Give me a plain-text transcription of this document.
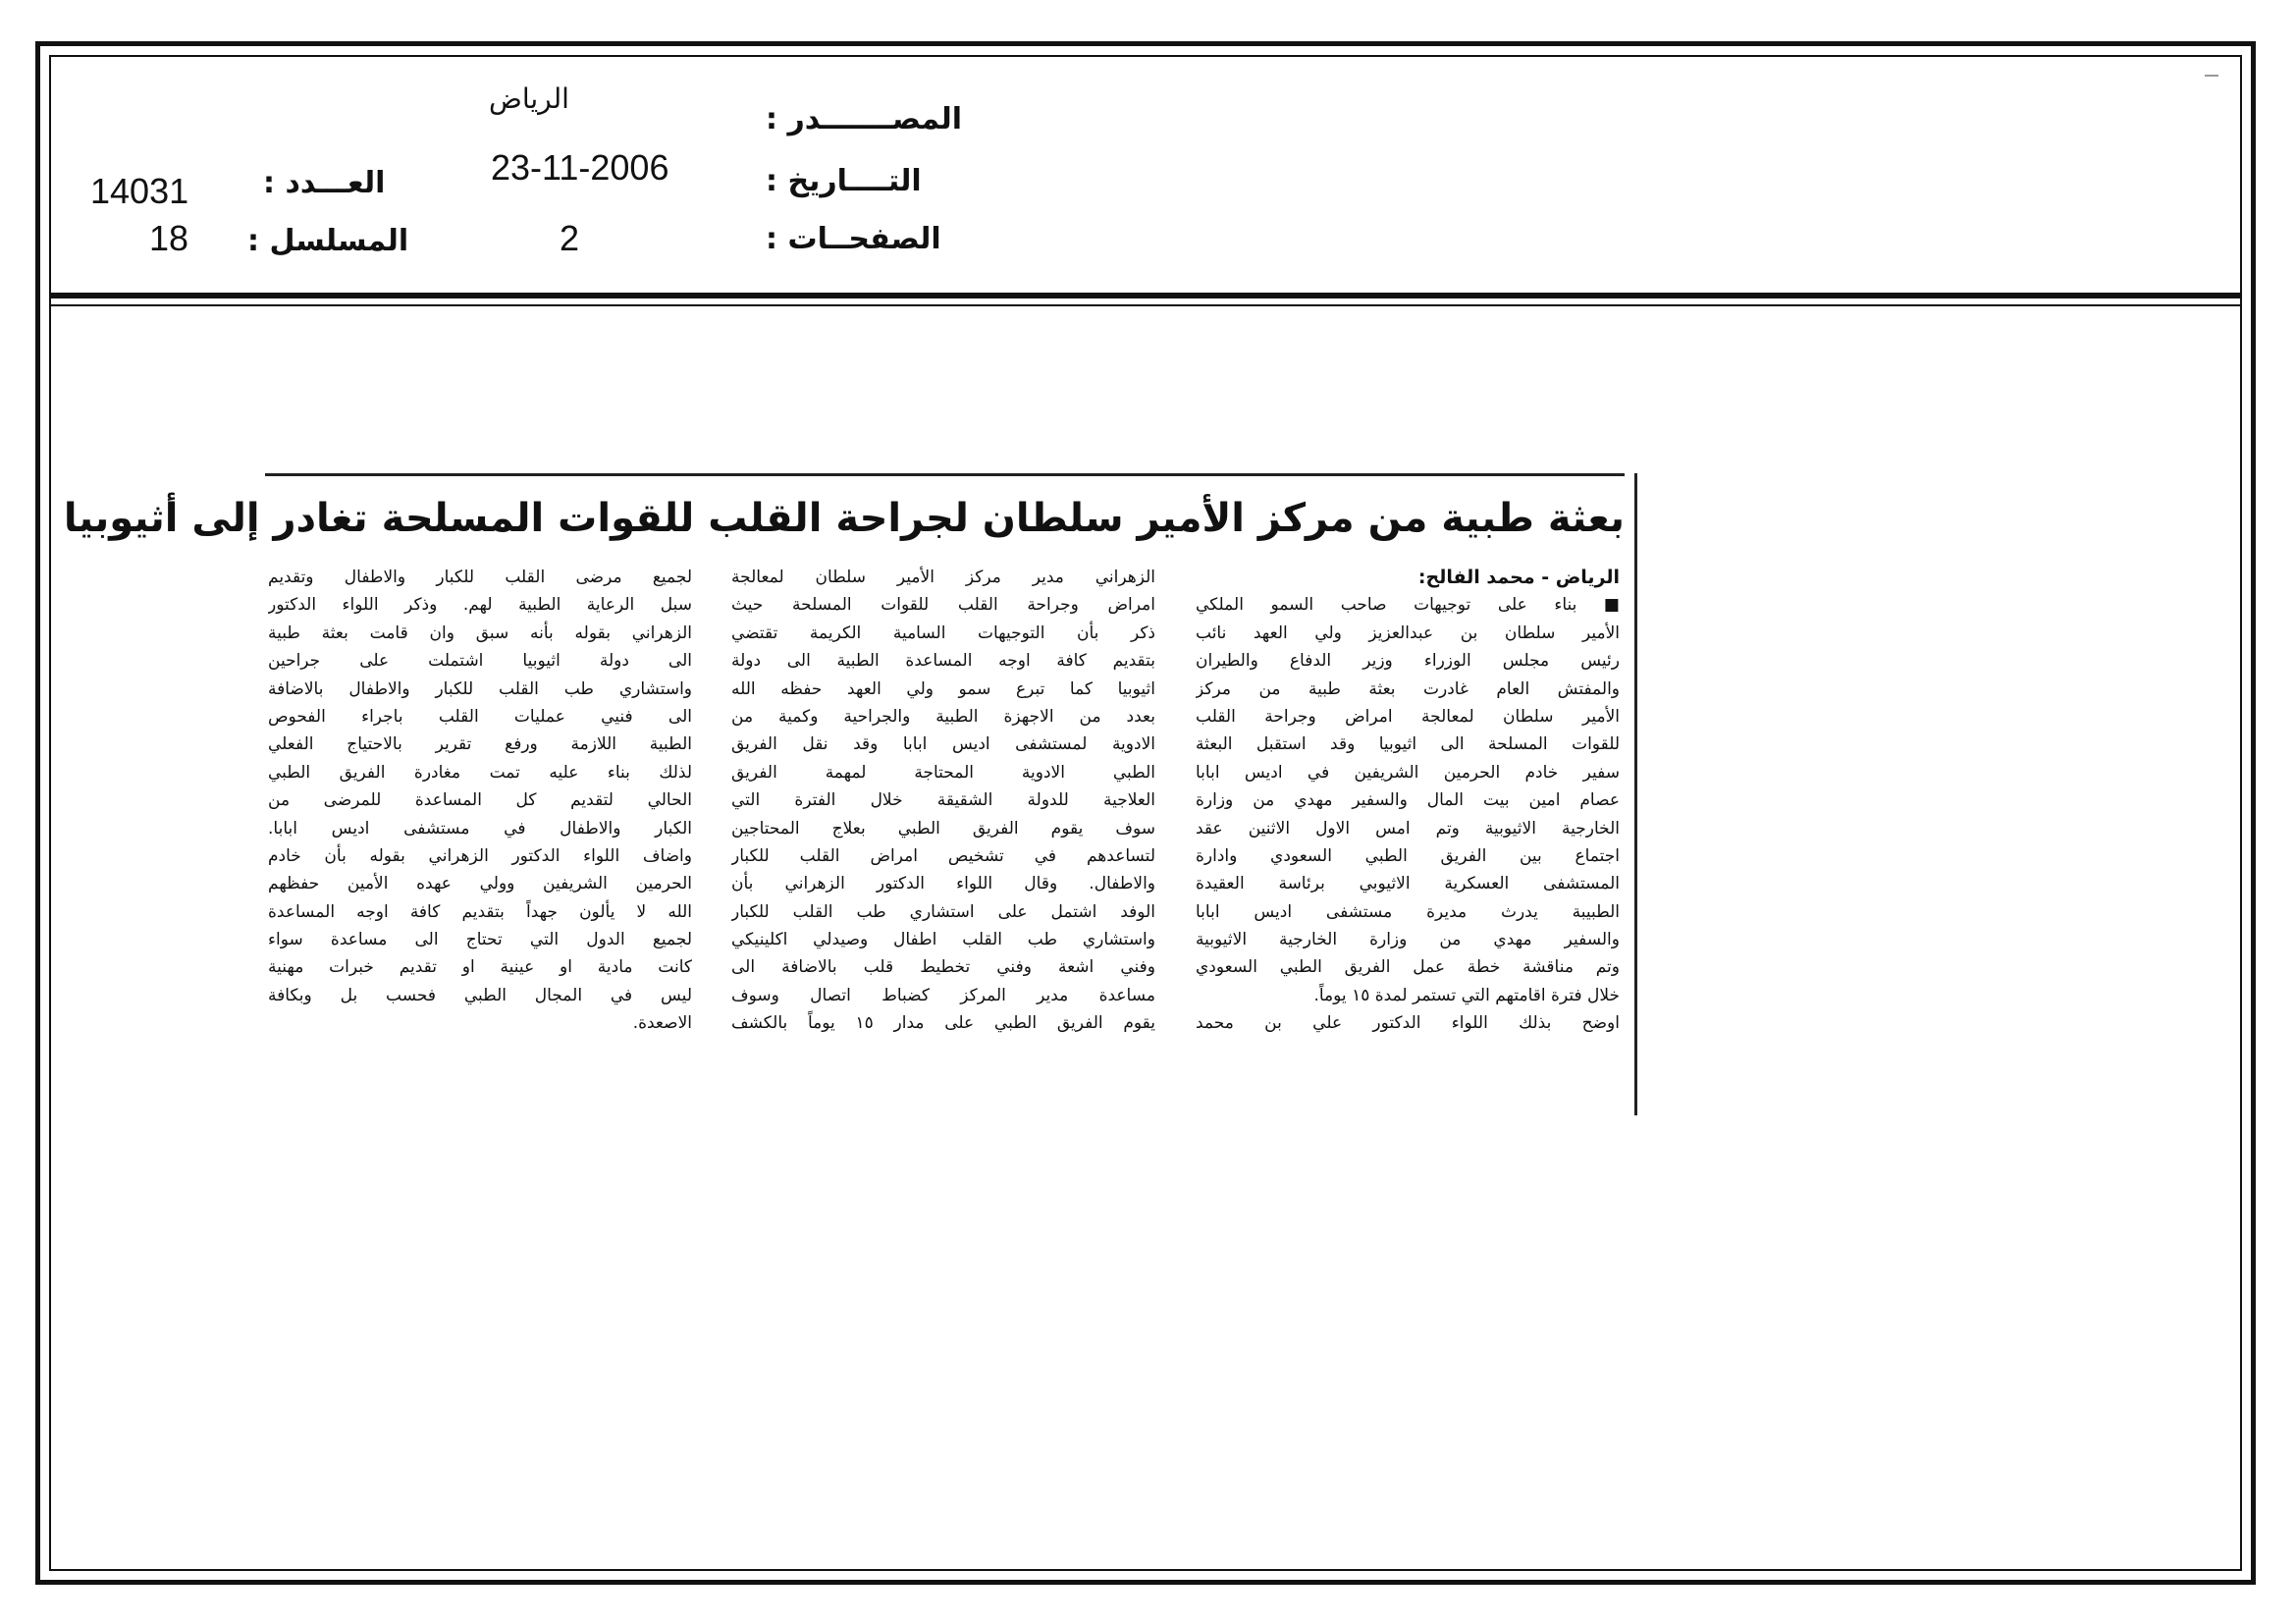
المصـــــــدر :
الرياض
التــــاريخ :
23-11-2006
الصفحــات :
2
العـــدد :
14031
المسلسل :
18
بعثة طبية من مركز الأمير سلطان لجراحة القلب للقوات المسلحة تغادر إلى أثيوبيا
الرياض - محمد الفالح:
■ بناء على توجيهات صاحب السمو الملكي
الأمير سلطان بن عبدالعزيز ولي العهد نائب
رئيس مجلس الوزراء وزير الدفاع والطيران
والمفتش العام غادرت بعثة طبية من مركز
الأمير سلطان لمعالجة امراض وجراحة القلب
للقوات المسلحة الى اثيوبيا وقد استقبل البعثة
سفير خادم الحرمين الشريفين في اديس ابابا
عصام امين بيت المال والسفير مهدي من وزارة
الخارجية الاثيوبية وتم امس الاول الاثنين عقد
اجتماع بين الفريق الطبي السعودي وادارة
المستشفى العسكرية الاثيوبي برئاسة العقيدة
الطبيبة يدرث مديرة مستشفى اديس ابابا
والسفير مهدي من وزارة الخارجية الاثيوبية
وتم مناقشة خطة عمل الفريق الطبي السعودي
خلال فترة اقامتهم التي تستمر لمدة ١٥ يوماً.
اوضح بذلك اللواء الدكتور علي بن محمد
الزهراني مدير مركز الأمير سلطان لمعالجة
امراض وجراحة القلب للقوات المسلحة حيث
ذكر بأن التوجيهات السامية الكريمة تقتضي
بتقديم كافة اوجه المساعدة الطبية الى دولة
اثيوبيا كما تبرع سمو ولي العهد حفظه الله
بعدد من الاجهزة الطبية والجراحية وكمية من
الادوية لمستشفى اديس ابابا وقد نقل الفريق
الطبي الادوية المحتاجة لمهمة الفريق
العلاجية للدولة الشقيقة خلال الفترة التي
سوف يقوم الفريق الطبي بعلاج المحتاجين
لتساعدهم في تشخيص امراض القلب للكبار
والاطفال. وقال اللواء الدكتور الزهراني بأن
الوفد اشتمل على استشاري طب القلب للكبار
واستشاري طب القلب اطفال وصيدلي اكلينيكي
وفني اشعة وفني تخطيط قلب بالاضافة الى
مساعدة مدير المركز كضباط اتصال وسوف
يقوم الفريق الطبي على مدار ١٥ يوماً بالكشف
لجميع مرضى القلب للكبار والاطفال وتقديم
سبل الرعاية الطبية لهم. وذكر اللواء الدكتور
الزهراني بقوله بأنه سبق وان قامت بعثة طبية
الى دولة اثيوبيا اشتملت على جراحين
واستشاري طب القلب للكبار والاطفال بالاضافة
الى فنيي عمليات القلب باجراء الفحوص
الطبية اللازمة ورفع تقرير بالاحتياج الفعلي
لذلك بناء عليه تمت مغادرة الفريق الطبي
الحالي لتقديم كل المساعدة للمرضى من
الكبار والاطفال في مستشفى اديس ابابا.
واضاف اللواء الدكتور الزهراني بقوله بأن خادم
الحرمين الشريفين وولي عهده الأمين حفظهم
الله لا يألون جهداً بتقديم كافة اوجه المساعدة
لجميع الدول التي تحتاج الى مساعدة سواء
كانت مادية او عينية او تقديم خبرات مهنية
ليس في المجال الطبي فحسب بل وبكافة
الاصعدة.
